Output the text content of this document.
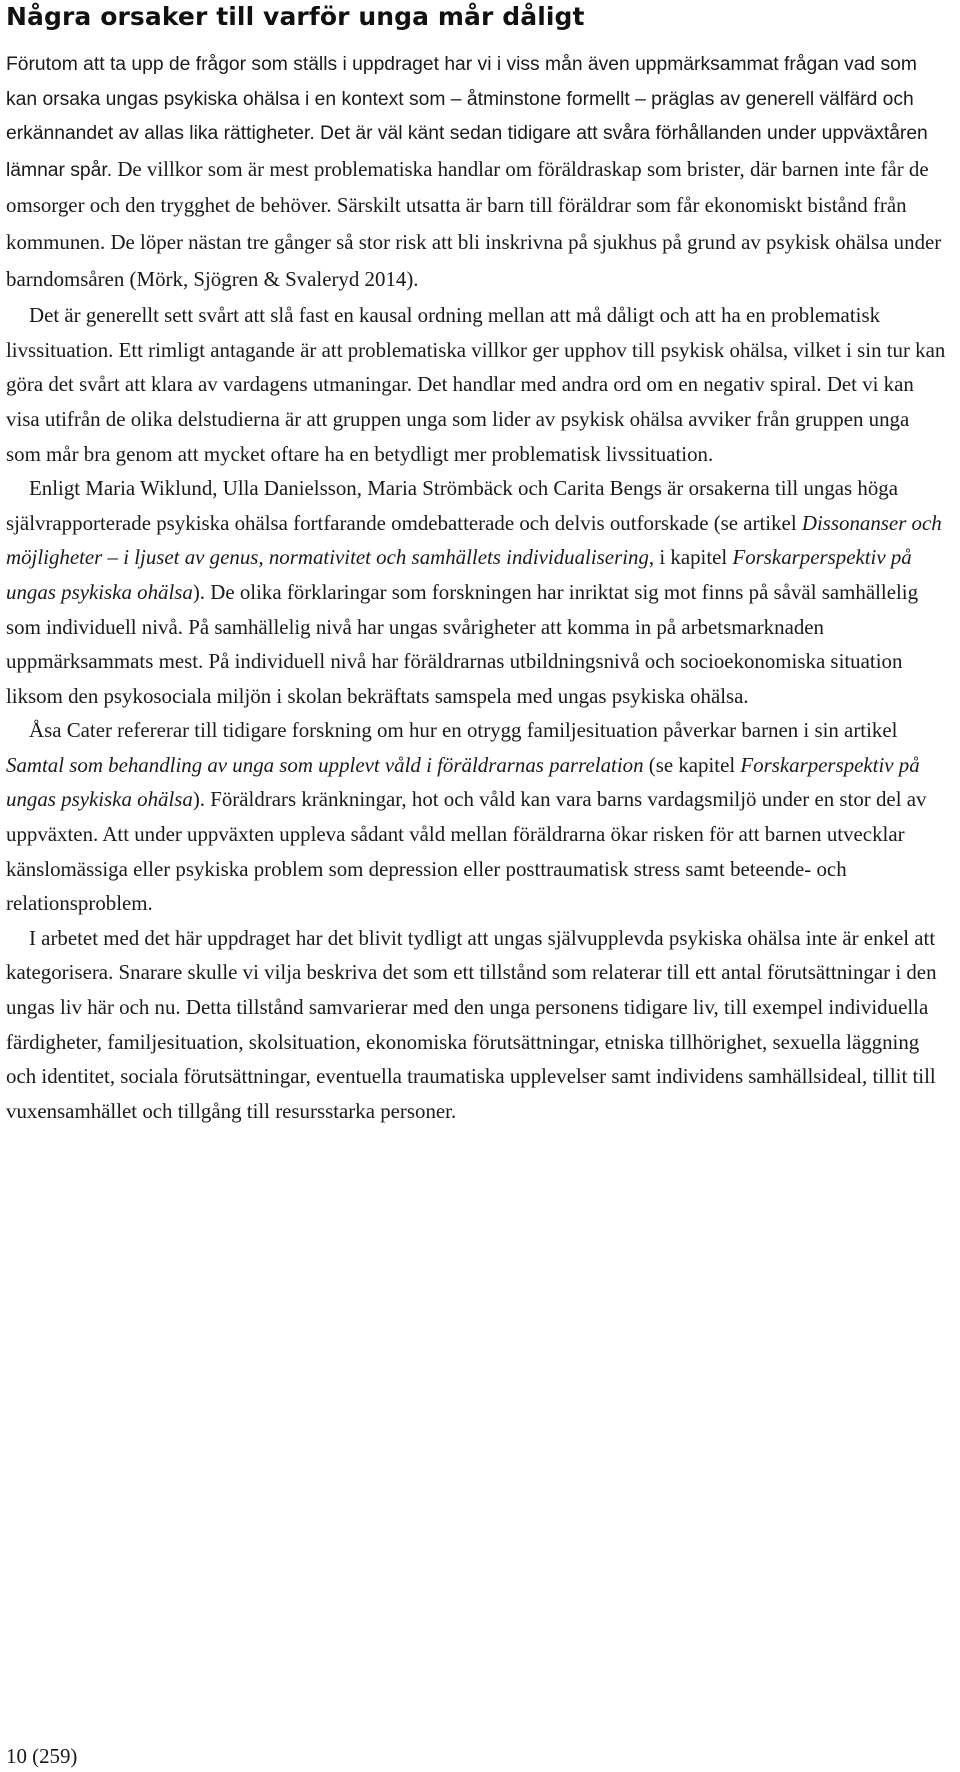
Några orsaker till varför unga mår dåligt

Förutom att ta upp de frågor som ställs i uppdraget har vi i viss mån även uppmärksammat frågan vad som kan orsaka ungas psykiska ohälsa i en kontext som – åtminstone formellt – präglas av generell välfärd och erkännandet av allas lika rättigheter. Det är väl känt sedan tidigare att svåra förhållanden under uppväxtåren lämnar spår. De villkor som är mest problematiska handlar om föräldraskap som brister, där barnen inte får de omsorger och den trygghet de behöver. Särskilt utsatta är barn till föräldrar som får ekonomiskt bistånd från kommunen. De löper nästan tre gånger så stor risk att bli inskrivna på sjukhus på grund av psykisk ohälsa under barndomsåren (Mörk, Sjögren & Svaleryd 2014).

Det är generellt sett svårt att slå fast en kausal ordning mellan att må dåligt och att ha en problematisk livssituation. Ett rimligt antagande är att problematiska villkor ger upphov till psykisk ohälsa, vilket i sin tur kan göra det svårt att klara av vardagens utmaningar. Det handlar med andra ord om en negativ spiral. Det vi kan visa utifrån de olika delstudierna är att gruppen unga som lider av psykisk ohälsa avviker från gruppen unga som mår bra genom att mycket oftare ha en betydligt mer problematisk livssituation.

Enligt Maria Wiklund, Ulla Danielsson, Maria Strömbäck och Carita Bengs är orsakerna till ungas höga självrapporterade psykiska ohälsa fortfarande omdebatterade och delvis outforskade (se artikel Dissonanser och möjligheter – i ljuset av genus, normativitet och samhällets individualisering, i kapitel Forskarperspektiv på ungas psykiska ohälsa). De olika förklaringar som forskningen har inriktat sig mot finns på såväl samhällelig som individuell nivå. På samhällelig nivå har ungas svårigheter att komma in på arbetsmarknaden uppmärksammats mest. På individuell nivå har föräldrarnas utbildningsnivå och socioekonomiska situation liksom den psykosociala miljön i skolan bekräftats samspela med ungas psykiska ohälsa.

Åsa Cater refererar till tidigare forskning om hur en otrygg familjesituation påverkar barnen i sin artikel Samtal som behandling av unga som upplevt våld i föräldrarnas parrelation (se kapitel Forskarperspektiv på ungas psykiska ohälsa). Föräldrars kränkningar, hot och våld kan vara barns vardagsmiljö under en stor del av uppväxten. Att under uppväxten uppleva sådant våld mellan föräldrarna ökar risken för att barnen utvecklar känslomässiga eller psykiska problem som depression eller posttraumatisk stress samt beteende- och relationsproblem.

I arbetet med det här uppdraget har det blivit tydligt att ungas självupplevda psykiska ohälsa inte är enkel att kategorisera. Snarare skulle vi vilja beskriva det som ett tillstånd som relaterar till ett antal förutsättningar i den ungas liv här och nu. Detta tillstånd samvarierar med den unga personens tidigare liv, till exempel individuella färdigheter, familjesituation, skolsituation, ekonomiska förutsättningar, etniska tillhörighet, sexuella läggning och identitet, sociala förutsättningar, eventuella traumatiska upplevelser samt individens samhällsideal, tillit till vuxensamhället och tillgång till resursstarka personer.

10 (259)
